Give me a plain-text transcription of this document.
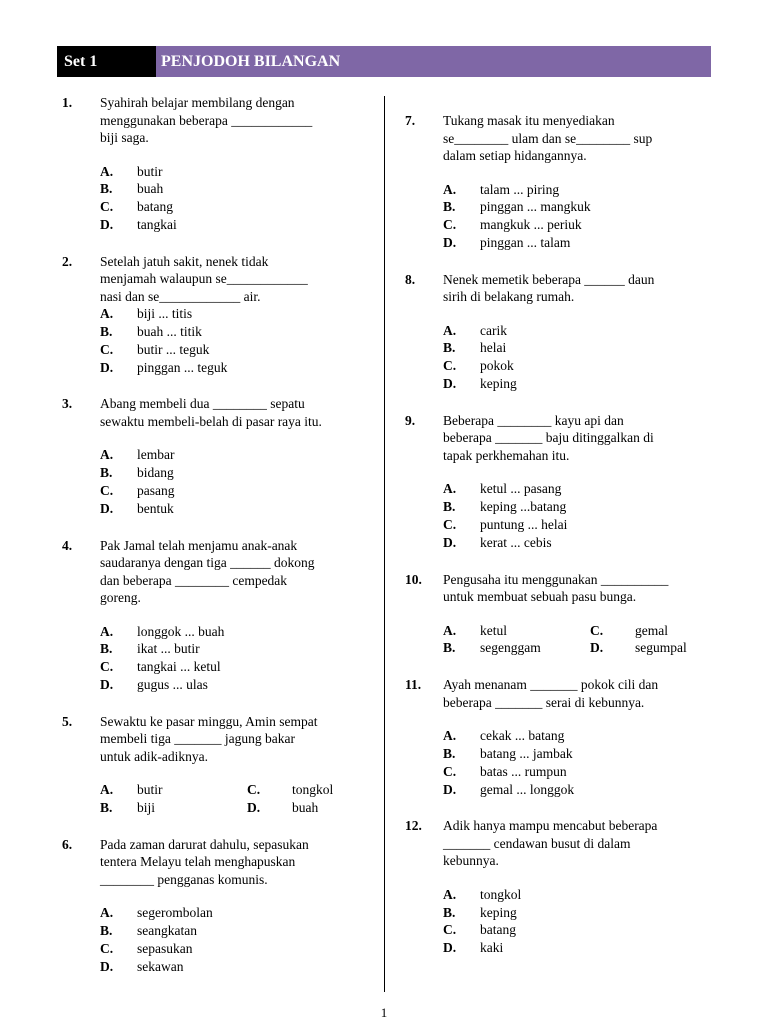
Set 1	PENJODOH BILANGAN
1.	Syahirah belajar membilang dengan
menggunakan beberapa ____________
biji saga.
A.	butir
B.	buah
C.	batang
D.	tangkai
2.	Setelah jatuh sakit, nenek tidak
menjamah walaupun se____________
nasi dan se____________ air.
A.	biji ... titis
B.	buah ... titik
C.	butir ... teguk
D.	pinggan ... teguk
3.	Abang membeli dua ________ sepatu
sewaktu membeli-belah di pasar raya itu.
A.	lembar
B.	bidang
C.	pasang
D.	bentuk
4.	Pak Jamal telah menjamu anak-anak
saudaranya dengan tiga ______ dokong
dan beberapa ________ cempedak
goreng.
A.	longgok ... buah
B.	ikat ... butir
C.	tangkai ... ketul
D.	gugus ... ulas
5.	Sewaktu ke pasar minggu, Amin sempat
membeli tiga _______ jagung bakar
untuk adik-adiknya.
A.	butir	C.	tongkol
B.	biji	D.	buah
6.	Pada zaman darurat dahulu, sepasukan
tentera Melayu telah menghapuskan
________ pengganas komunis.
A.	segerombolan
B.	seangkatan
C.	sepasukan
D.	sekawan
7.	Tukang masak itu menyediakan
se________ ulam dan se________ sup
dalam setiap hidangannya.
A.	talam ... piring
B.	pinggan ... mangkuk
C.	mangkuk ... periuk
D.	pinggan ... talam
8.	Nenek memetik beberapa ______ daun
sirih di belakang rumah.
A.	carik
B.	helai
C.	pokok
D.	keping
9.	Beberapa ________ kayu api dan
beberapa _______ baju ditinggalkan di
tapak perkhemahan itu.
A.	ketul ... pasang
B.	keping ...batang
C.	puntung ... helai
D.	kerat ... cebis
10.	Pengusaha itu menggunakan __________
untuk membuat sebuah pasu bunga.
A.	ketul	C.	gemal
B.	segenggam	D.	segumpal
11.	Ayah menanam _______ pokok cili dan
beberapa _______ serai di kebunnya.
A.	cekak ... batang
B.	batang ... jambak
C.	batas ... rumpun
D.	gemal ... longgok
12.	Adik hanya mampu mencabut beberapa
_______ cendawan busut di dalam
kebunnya.
A.	tongkol
B.	keping
C.	batang
D.	kaki
1
